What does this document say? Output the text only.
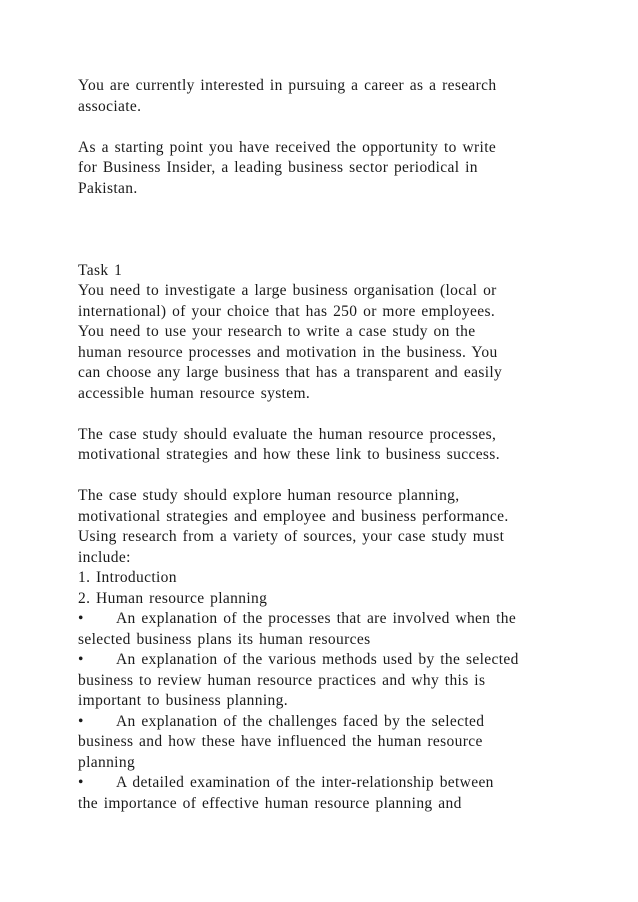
You are currently interested in pursuing a career as a research
associate.
As a starting point you have received the opportunity to write
for Business Insider, a leading business sector periodical in
Pakistan.
Task 1
You need to investigate a large business organisation (local or
international) of your choice that has 250 or more employees.
You need to use your research to write a case study on the
human resource processes and motivation in the business. You
can choose any large business that has a transparent and easily
accessible human resource system.
The case study should evaluate the human resource processes,
motivational strategies and how these link to business success.
The case study should explore human resource planning,
motivational strategies and employee and business performance.
Using research from a variety of sources, your case study must
include:
1. Introduction
2. Human resource planning
• An explanation of the processes that are involved when the
selected business plans its human resources
• An explanation of the various methods used by the selected
business to review human resource practices and why this is
important to business planning.
• An explanation of the challenges faced by the selected
business and how these have influenced the human resource
planning
• A detailed examination of the inter-relationship between
the importance of effective human resource planning and
